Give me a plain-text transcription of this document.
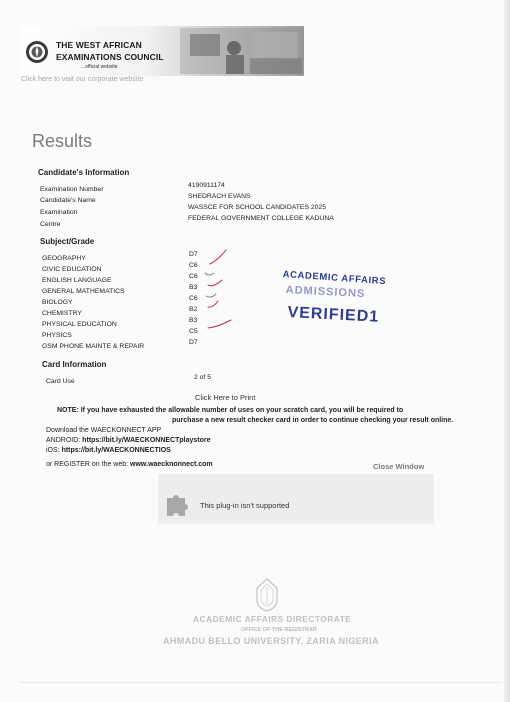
THE WEST AFRICAN
EXAMINATIONS COUNCIL
...official website
Click here to visit our corporate website
Results
Candidate's Information
Examination Number
4190911174
Candidate's Name
SHEDRACH EVANS
Examination
WASSCE FOR SCHOOL CANDIDATES 2025
Centre
FEDERAL GOVERNMENT COLLEGE KADUNA
Subject/Grade
GEOGRAPHY
D7
CIVIC EDUCATION
C6
ENGLISH LANGUAGE
C6
GENERAL MATHEMATICS
B3
BIOLOGY
C6
CHEMISTRY
B2
PHYSICAL EDUCATION
B3
PHYSICS
C5
GSM PHONE MAINTE & REPAIR
D7
ACADEMIC AFFAIRS
ADMISSIONS
VERIFIED1
Card Information
Card Use
2 of 5
Click Here to Print
NOTE: If you have exhausted the allowable number of uses on your scratch card, you will be required to
purchase a new result checker card in order to continue checking your result online.
Download the WAECKONNECT APP
ANDROID: https://bit.ly/WAECKONNECTplaystore
iOS: https://bit.ly/WAECKONNECTIOS
or REGISTER on the web: www.waecknonnect.com	Close Window
This plug-in isn't supported
ACADEMIC AFFAIRS DIRECTORATE
OFFICE OF THE REGISTRAR
AHMADU BELLO UNIVERSITY, ZARIA NIGERIA
